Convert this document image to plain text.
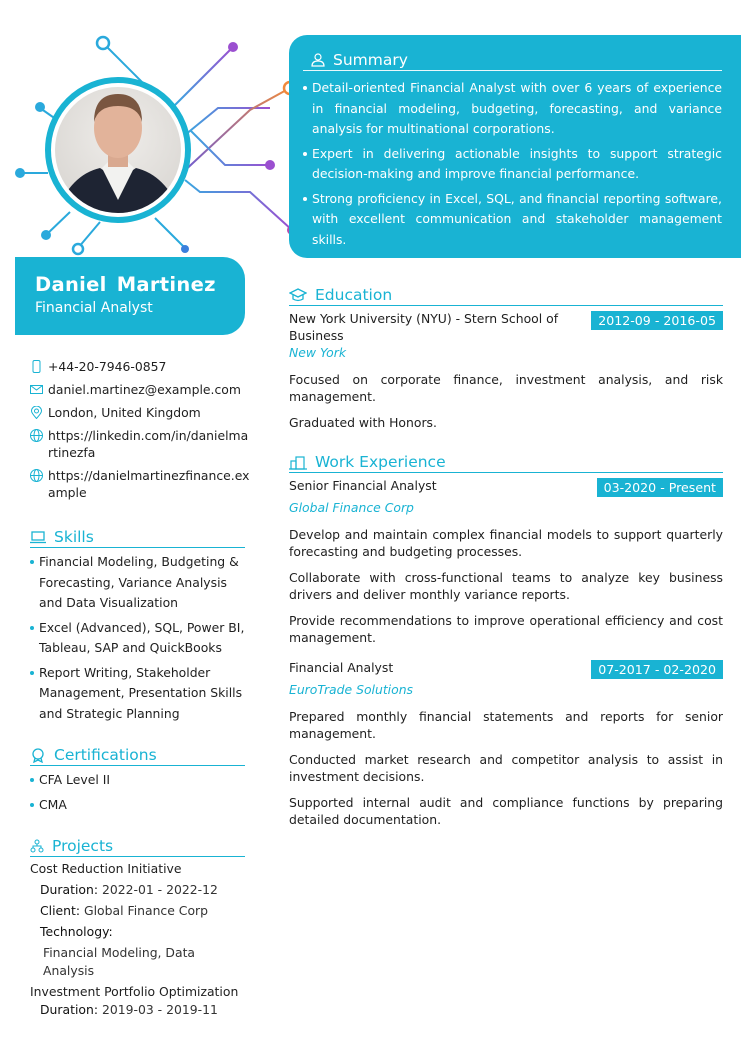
Daniel Martinez
Financial Analyst
+44-20-7946-0857
daniel.martinez@example.com
London, United Kingdom
https://linkedin.com/in/danielmartinezfa
https://danielmartinezfinance.example
Skills
Financial Modeling, Budgeting & Forecasting, Variance Analysis and Data Visualization
Excel (Advanced), SQL, Power BI, Tableau, SAP and QuickBooks
Report Writing, Stakeholder Management, Presentation Skills and Strategic Planning
Certifications
CFA Level II
CMA
Projects
Cost Reduction Initiative
Duration: 2022-01 - 2022-12
Client: Global Finance Corp
Technology:
Financial Modeling, Data Analysis
Investment Portfolio Optimization
Duration: 2019-03 - 2019-11
Summary
Detail-oriented Financial Analyst with over 6 years of experience in financial modeling, budgeting, forecasting, and variance analysis for multinational corporations.
Expert in delivering actionable insights to support strategic decision-making and improve financial performance.
Strong proficiency in Excel, SQL, and financial reporting software, with excellent communication and stakeholder management skills.
Education
New York University (NYU) - Stern School of Business
2012-09 - 2016-05
New York
Focused on corporate finance, investment analysis, and risk management.
Graduated with Honors.
Work Experience
Senior Financial Analyst	03-2020 - Present
Global Finance Corp
Develop and maintain complex financial models to support quarterly forecasting and budgeting processes.
Collaborate with cross-functional teams to analyze key business drivers and deliver monthly variance reports.
Provide recommendations to improve operational efficiency and cost management.
Financial Analyst	07-2017 - 02-2020
EuroTrade Solutions
Prepared monthly financial statements and reports for senior management.
Conducted market research and competitor analysis to assist in investment decisions.
Supported internal audit and compliance functions by preparing detailed documentation.
